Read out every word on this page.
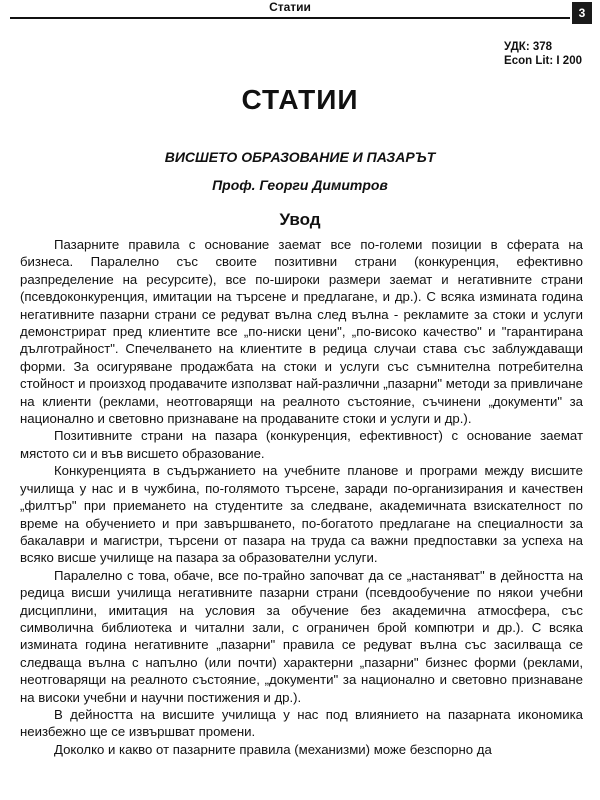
Статии	3
УДК: 378
Econ Lit: I 200
СТАТИИ
ВИСШЕТО ОБРАЗОВАНИЕ И ПАЗАРЪТ
Проф. Георги Димитров
Увод

Пазарните правила с основание заемат все по-големи позиции в сферата на бизнеса. Паралелно със своите позитивни страни (конкуренция, ефективно разпределение на ресурсите), все по-широки размери заемат и негативните страни (псевдоконкуренция, имитации на търсене и предлагане, и др.). С всяка измината година негативните пазарни страни се редуват вълна след вълна - рекламите за стоки и услуги демонстрират пред клиентите все „по-ниски цени", „по-високо качество" и "гарантирана дълготрайност". Спечелването на клиентите в редица случаи става със заблуждаващи форми. За осигуряване продажбата на стоки и услуги със съмнителна потребителна стойност и произход продавачите използват най-различни „пазарни" методи за привличане на клиенти (реклами, неотговарящи на реалното състояние, съчинени „документи" за национално и световно признаване на продаваните стоки и услуги и др.).

Позитивните страни на пазара (конкуренция, ефективност) с основание заемат мястото си и във висшето образование.

Конкуренцията в съдържанието на учебните планове и програми между висшите училища у нас и в чужбина, по-голямото търсене, заради по-организирания и качествен „филтър" при приемането на студентите за следване, академичната взискателност по време на обучението и при завършването, по-богатото предлагане на специалности за бакалаври и магистри, търсени от пазара на труда са важни предпоставки за успеха на всяко висше училище на пазара за образователни услуги.

Паралелно с това, обаче, все по-трайно започват да се „настаняват" в дейността на редица висши училища негативните пазарни страни (псевдообучение по някои учебни дисциплини, имитация на условия за обучение без академична атмосфера, със символична библиотека и читални зали, с ограничен брой компютри и др.). С всяка измината година негативните „пазарни" правила се редуват вълна със засилваща се следваща вълна с напълно (или почти) характерни „пазарни" бизнес форми (реклами, неотговарящи на реалното състояние, „документи" за национално и световно признаване на високи учебни и научни постижения и др.).

В дейността на висшите училища у нас под влиянието на пазарната икономика неизбежно ще се извършват промени.

Доколко и какво от пазарните правила (механизми) може безспорно да
